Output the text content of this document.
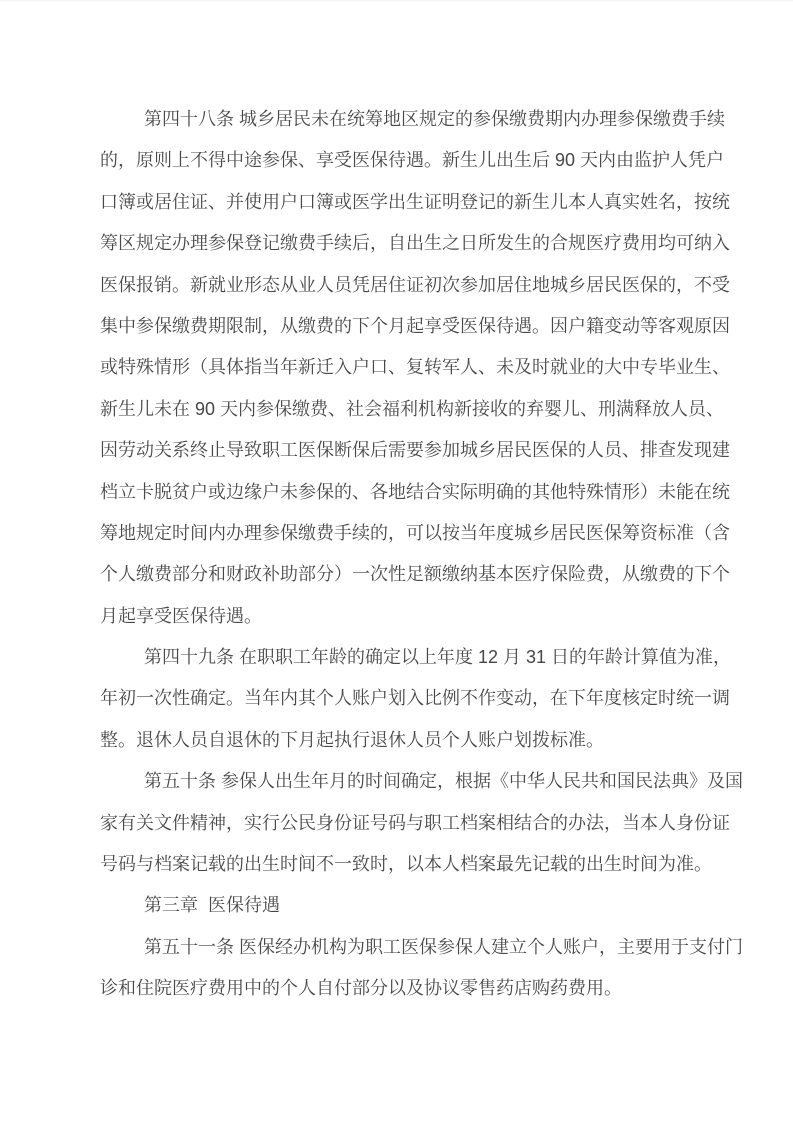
第四十八条 城乡居民未在统筹地区规定的参保缴费期内办理参保缴费手续
的，原则上不得中途参保、享受医保待遇。新生儿出生后 90 天内由监护人凭户
口簿或居住证、并使用户口簿或医学出生证明登记的新生儿本人真实姓名，按统
筹区规定办理参保登记缴费手续后，自出生之日所发生的合规医疗费用均可纳入
医保报销。新就业形态从业人员凭居住证初次参加居住地城乡居民医保的，不受
集中参保缴费期限制，从缴费的下个月起享受医保待遇。因户籍变动等客观原因
或特殊情形（具体指当年新迁入户口、复转军人、未及时就业的大中专毕业生、
新生儿未在 90 天内参保缴费、社会福利机构新接收的弃婴儿、刑满释放人员、
因劳动关系终止导致职工医保断保后需要参加城乡居民医保的人员、排查发现建
档立卡脱贫户或边缘户未参保的、各地结合实际明确的其他特殊情形）未能在统
筹地规定时间内办理参保缴费手续的，可以按当年度城乡居民医保筹资标准（含
个人缴费部分和财政补助部分）一次性足额缴纳基本医疗保险费，从缴费的下个
月起享受医保待遇。
第四十九条 在职职工年龄的确定以上年度 12 月 31 日的年龄计算值为准，
年初一次性确定。当年内其个人账户划入比例不作变动，在下年度核定时统一调
整。退休人员自退休的下月起执行退休人员个人账户划拨标准。
第五十条 参保人出生年月的时间确定，根据《中华人民共和国民法典》及国
家有关文件精神，实行公民身份证号码与职工档案相结合的办法，当本人身份证
号码与档案记载的出生时间不一致时，以本人档案最先记载的出生时间为准。
第三章  医保待遇
第五十一条 医保经办机构为职工医保参保人建立个人账户，主要用于支付门
诊和住院医疗费用中的个人自付部分以及协议零售药店购药费用。
